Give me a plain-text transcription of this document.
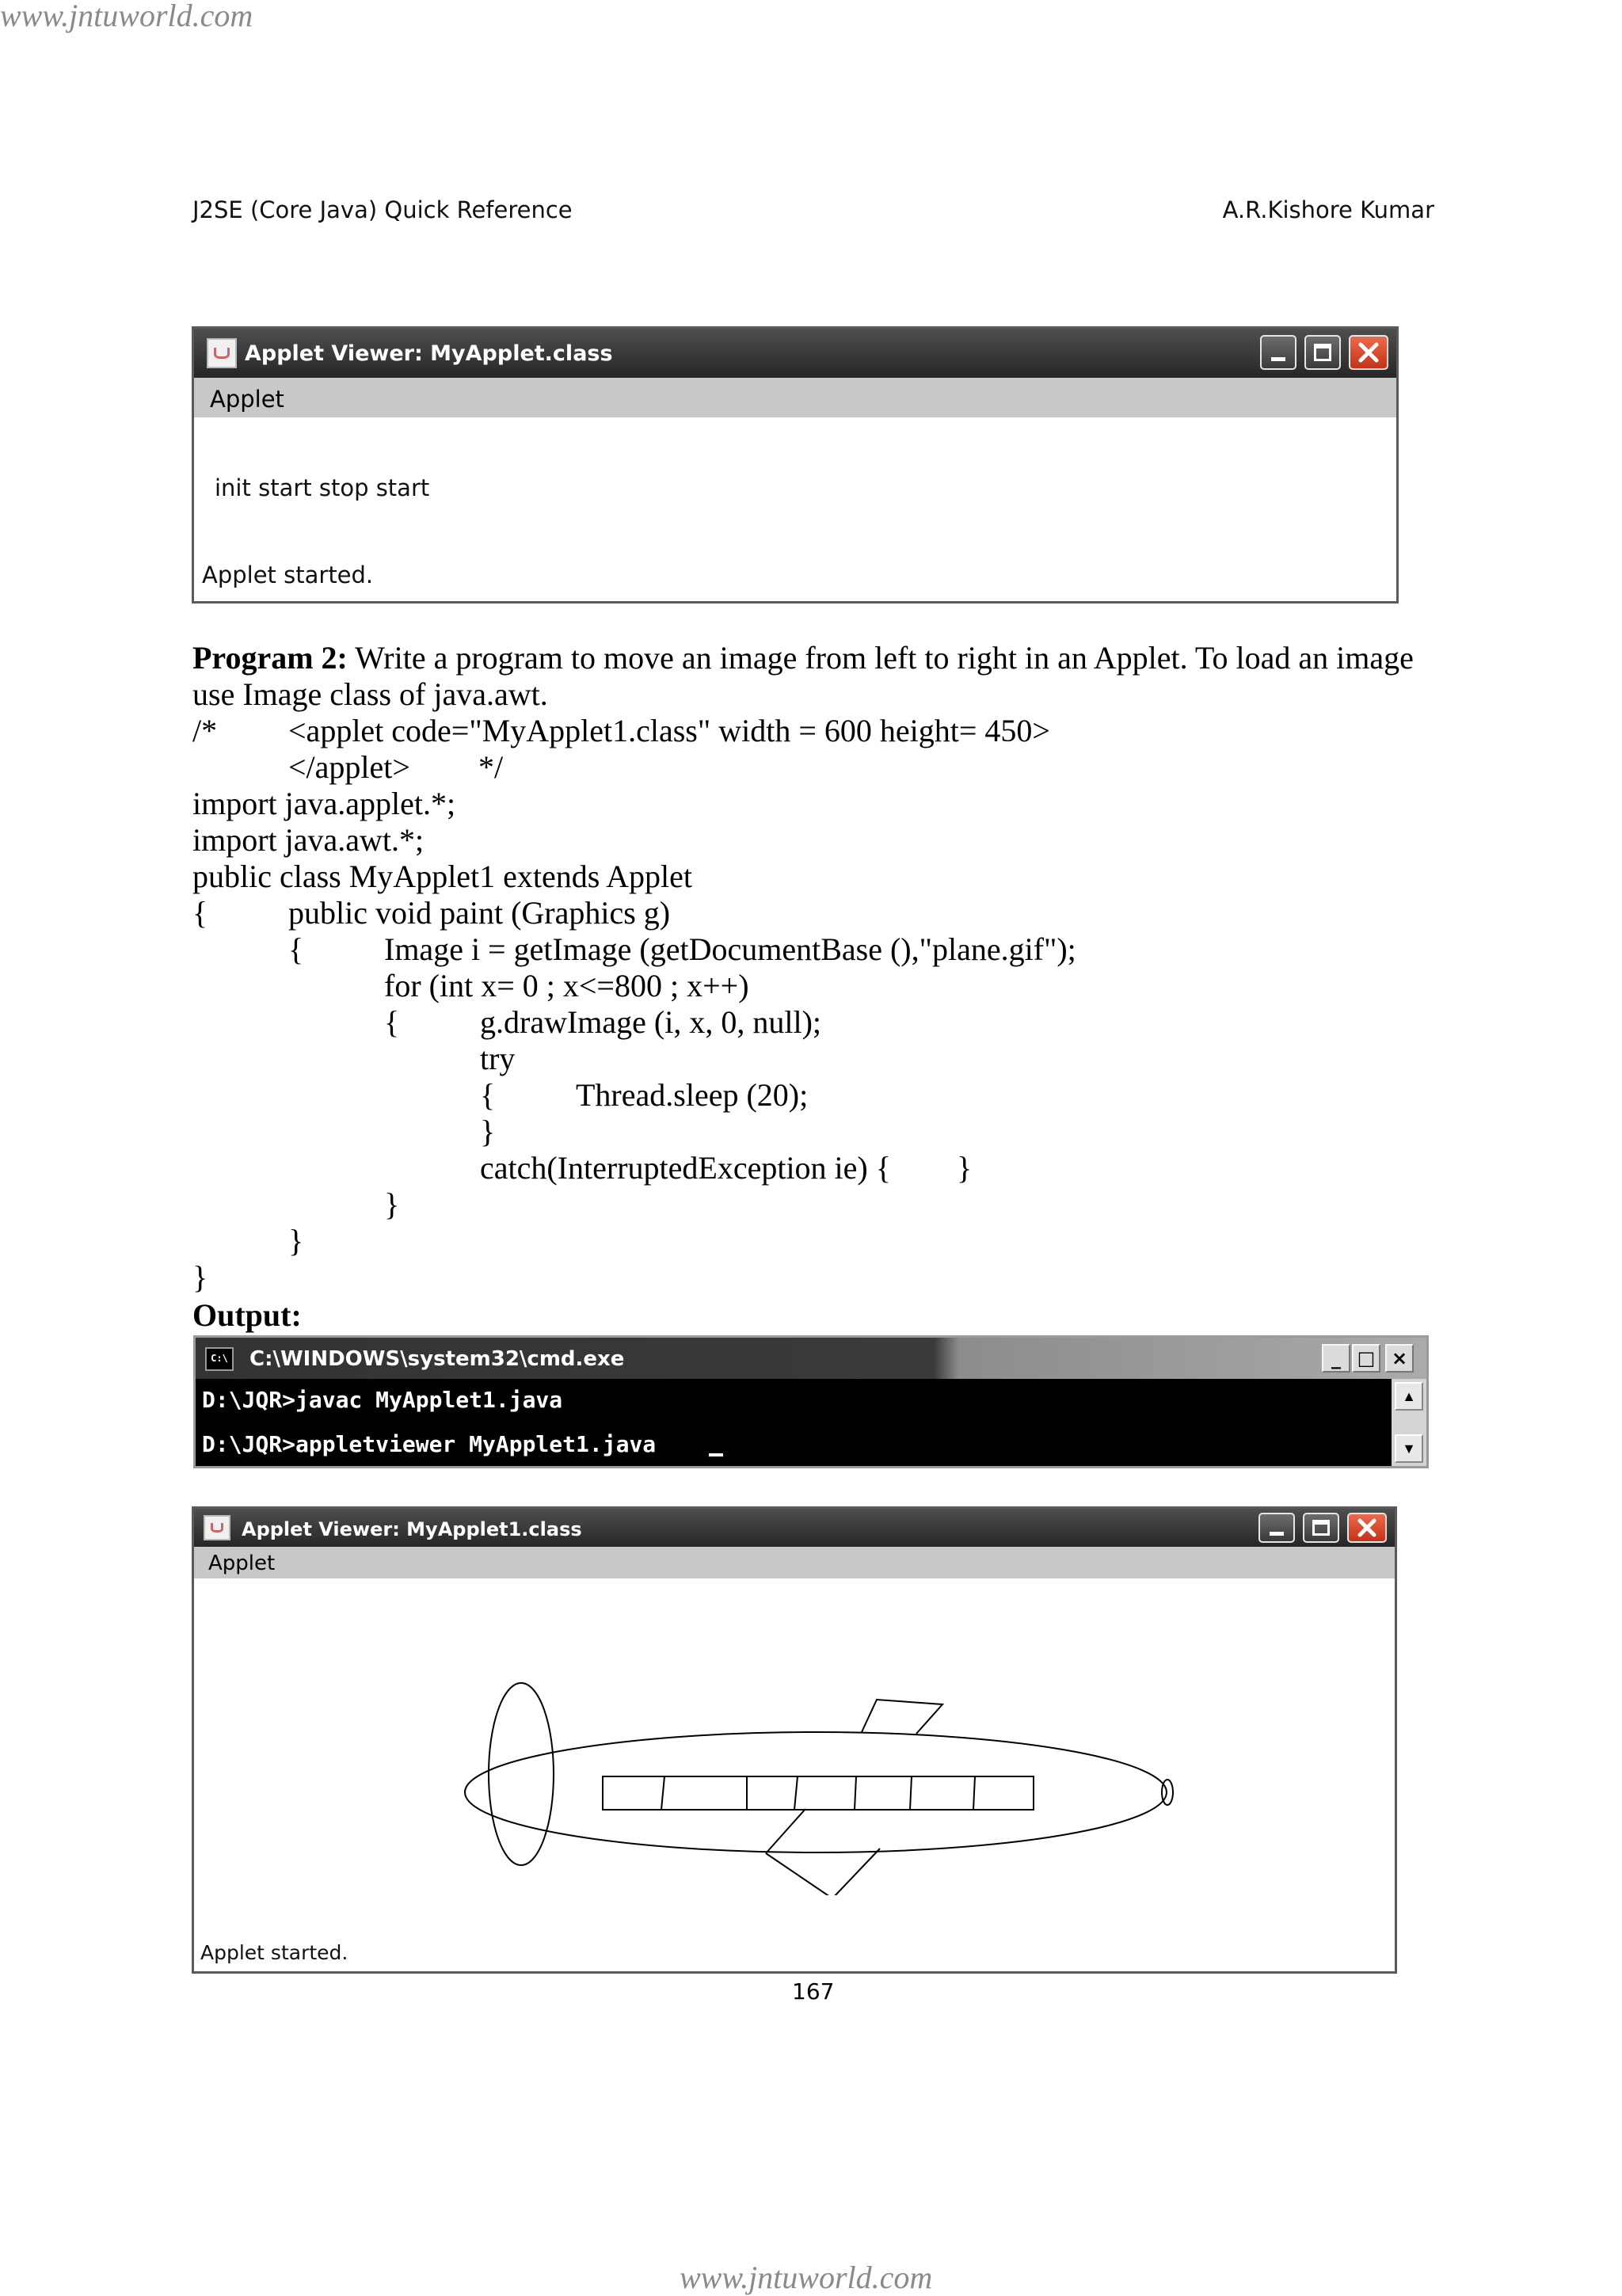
www.jntuworld.com
www.jntuworld.com
J2SE (Core Java) Quick Reference	A.R.Kishore Kumar
Applet Viewer: MyApplet.class
Applet
init start stop start
Applet started.
Program 2: Write a program to move an image from left to right in an Applet. To load an image
use Image class of java.awt.
/* <applet code="MyApplet1.class" width = 600 height= 450>
</applet> */
import java.applet.*;
import java.awt.*;
public class MyApplet1 extends Applet
{	public void paint (Graphics g)
{	Image i = getImage (getDocumentBase (),"plane.gif");
for (int x= 0 ; x<=800 ; x++)
{	g.drawImage (i, x, 0, null);
try
{	Thread.sleep (20);
}
catch(InterruptedException ie) { }
}
}
}
Output:
C:\ C:\WINDOWS\system32\cmd.exe	_ □ ×
D:\JQR>javac MyApplet1.java
D:\JQR>appletviewer MyApplet1.java
▲
▼
Applet Viewer: MyApplet1.class
Applet
Applet started.
167
